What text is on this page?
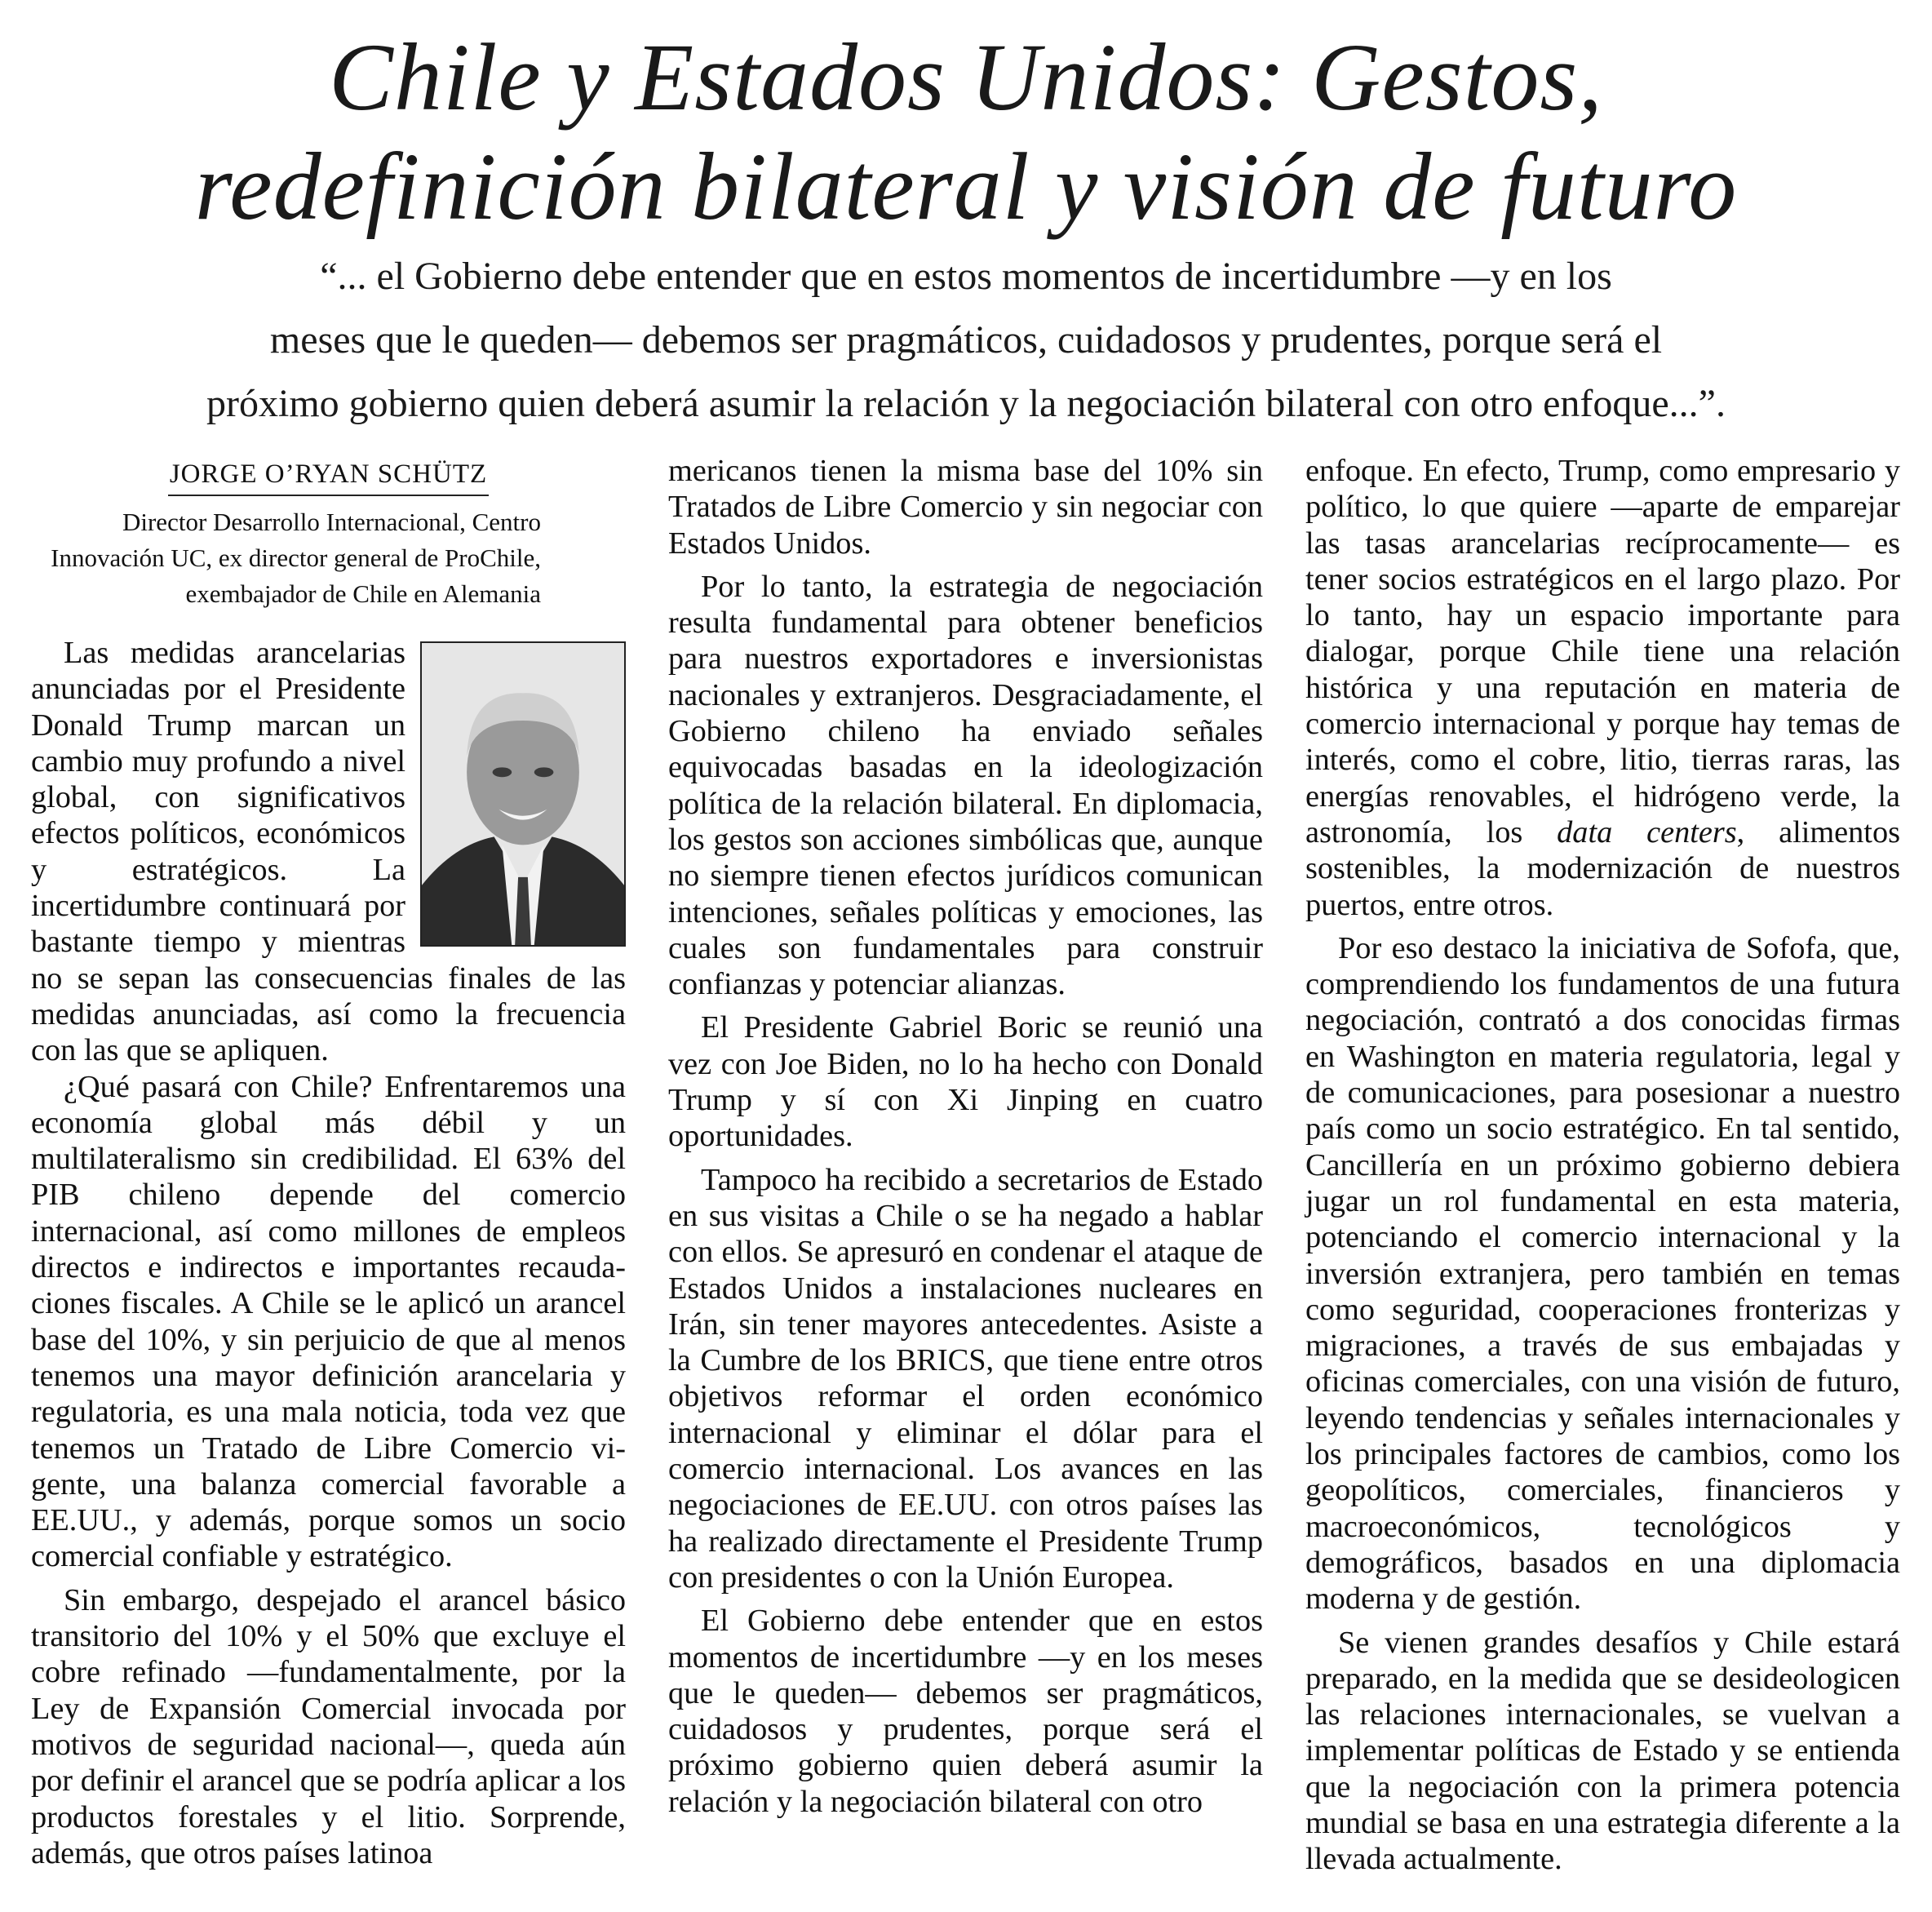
Chile y Estados Unidos: Gestos,
redefinición bilateral y visión de futuro
“... el Gobierno debe entender que en estos momentos de incertidumbre —y en los
meses que le queden— debemos ser pragmáticos, cuidadosos y prudentes, porque será el
próximo gobierno quien deberá asumir la relación y la negociación bilateral con otro enfoque...”.
JORGE O’RYAN SCHÜTZ
Director Desarrollo Internacional, Centro
Innovación UC, ex director general de ProChile,
exembajador de Chile en Alemania

Las medidas arancelarias anunciadas por el Presidente Donald Trump marcan un cambio muy profundo a nivel global, con significativos efectos políticos, económicos y estratégicos. La incertidumbre continuará por bastante tiempo y mientras no se sepan las consecuencias finales de las medidas anunciadas, así como la frecuencia con las que se apliquen.

¿Qué pasará con Chile? Enfrentaremos una economía global más débil y un multilateralismo sin credibilidad. El 63% del PIB chileno depende del comercio internacional, así como millones de empleos directos e indirectos e importantes recaudaciones fiscales. A Chile se le aplicó un arancel base del 10%, y sin perjuicio de que al menos tenemos una mayor definición arancelaria y regulatoria, es una mala noticia, toda vez que tenemos un Tratado de Libre Comercio vigente, una balanza comercial favorable a EE.UU., y además, porque somos un socio comercial confiable y estratégico.

Sin embargo, despejado el arancel básico transitorio del 10% y el 50% que excluye el cobre refinado —fundamentalmente, por la Ley de Expansión Comercial invocada por motivos de seguridad nacional—, queda aún por definir el arancel que se podría aplicar a los productos forestales y el litio. Sorprende, además, que otros países latinoa

mericanos tienen la misma base del 10% sin Tratados de Libre Comercio y sin negociar con Estados Unidos.

Por lo tanto, la estrategia de negociación resulta fundamental para obtener beneficios para nuestros exportadores e inversionistas nacionales y extranjeros. Desgraciadamente, el Gobierno chileno ha enviado señales equivocadas basadas en la ideologización política de la relación bilateral. En diplomacia, los gestos son acciones simbólicas que, aunque no siempre tienen efectos jurídicos comunican intenciones, señales políticas y emociones, las cuales son fundamentales para construir confianzas y potenciar alianzas.

El Presidente Gabriel Boric se reunió una vez con Joe Biden, no lo ha hecho con Donald Trump y sí con Xi Jinping en cuatro oportunidades.

Tampoco ha recibido a secretarios de Estado en sus visitas a Chile o se ha negado a hablar con ellos. Se apresuró en condenar el ataque de Estados Unidos a instalaciones nucleares en Irán, sin tener mayores antecedentes. Asiste a la Cumbre de los BRICS, que tiene entre otros objetivos reformar el orden económico internacional y eliminar el dólar para el comercio internacional. Los avances en las negociaciones de EE.UU. con otros países las ha realizado directamente el Presidente Trump con presidentes o con la Unión Europea.

El Gobierno debe entender que en estos momentos de incertidumbre —y en los meses que le queden— debemos ser pragmáticos, cuidadosos y prudentes, porque será el próximo gobierno quien deberá asumir la relación y la negociación bilateral con otro

enfoque. En efecto, Trump, como empresario y político, lo que quiere —aparte de emparejar las tasas arancelarias recíprocamente— es tener socios estratégicos en el largo plazo. Por lo tanto, hay un espacio importante para dialogar, porque Chile tiene una relación histórica y una reputación en materia de comercio internacional y porque hay temas de interés, como el cobre, litio, tierras raras, las energías renovables, el hidrógeno verde, la astronomía, los data centers, alimentos sostenibles, la modernización de nuestros puertos, entre otros.

Por eso destaco la iniciativa de Sofofa, que, comprendiendo los fundamentos de una futura negociación, contrató a dos conocidas firmas en Washington en materia regulatoria, legal y de comunicaciones, para posesionar a nuestro país como un socio estratégico. En tal sentido, Cancillería en un próximo gobierno debiera jugar un rol fundamental en esta materia, potenciando el comercio internacional y la inversión extranjera, pero también en temas como seguridad, cooperaciones fronterizas y migraciones, a través de sus embajadas y oficinas comerciales, con una visión de futuro, leyendo tendencias y señales internacionales y los principales factores de cambios, como los geopolíticos, comerciales, financieros y macroeconómicos, tecnológicos y demográficos, basados en una diplomacia moderna y de gestión.

Se vienen grandes desafíos y Chile estará preparado, en la medida que se desideologicen las relaciones internacionales, se vuelvan a implementar políticas de Estado y se entienda que la negociación con la primera potencia mundial se basa en una estrategia diferente a la llevada actualmente.
